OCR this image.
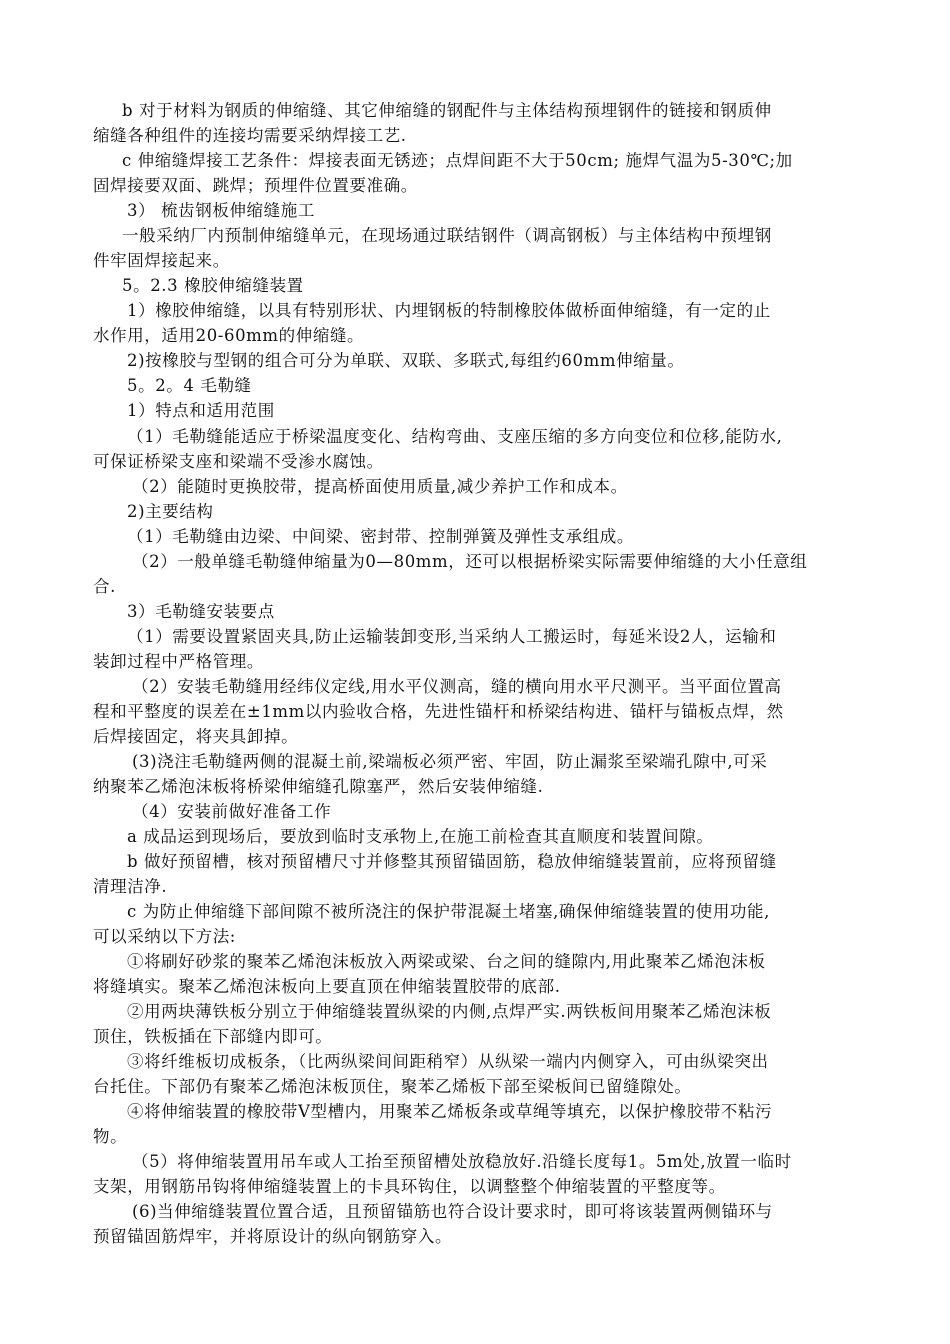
b 对于材料为钢质的伸缩缝、其它伸缩缝的钢配件与主体结构预埋钢件的链接和钢质伸
缩缝各种组件的连接均需要采纳焊接工艺.
c 伸缩缝焊接工艺条件：焊接表面无锈迹；点焊间距不大于50cm; 施焊气温为5-30℃;加
固焊接要双面、跳焊；预埋件位置要准确。
3） 梳齿钢板伸缩缝施工
一般采纳厂内预制伸缩缝单元，在现场通过联结钢件（调高钢板）与主体结构中预埋钢
件牢固焊接起来。
5。2.3 橡胶伸缩缝装置
1）橡胶伸缩缝，以具有特别形状、内埋钢板的特制橡胶体做桥面伸缩缝，有一定的止
水作用，适用20-60mm的伸缩缝。
2)按橡胶与型钢的组合可分为单联、双联、多联式,每组约60mm伸缩量。
5。2。4 毛勒缝
1）特点和适用范围
（1）毛勒缝能适应于桥梁温度变化、结构弯曲、支座压缩的多方向变位和位移,能防水,
可保证桥梁支座和梁端不受渗水腐蚀。
（2）能随时更换胶带，提高桥面使用质量,减少养护工作和成本。
2)主要结构
（1）毛勒缝由边梁、中间梁、密封带、控制弹簧及弹性支承组成。
（2）一般单缝毛勒缝伸缩量为0—80mm，还可以根据桥梁实际需要伸缩缝的大小任意组
合.
3）毛勒缝安装要点
（1）需要设置紧固夹具,防止运输装卸变形,当采纳人工搬运时，每延米设2人，运输和
装卸过程中严格管理。
（2）安装毛勒缝用经纬仪定线,用水平仪测高，缝的横向用水平尺测平。当平面位置高
程和平整度的误差在±1mm以内验收合格，先进性锚杆和桥梁结构进、锚杆与锚板点焊，然
后焊接固定，将夹具卸掉。
(3)浇注毛勒缝两侧的混凝土前,梁端板必须严密、牢固，防止漏浆至梁端孔隙中,可采
纳聚苯乙烯泡沫板将桥梁伸缩缝孔隙塞严，然后安装伸缩缝.
（4）安装前做好准备工作
a 成品运到现场后，要放到临时支承物上,在施工前检查其直顺度和装置间隙。
b 做好预留槽，核对预留槽尺寸并修整其预留锚固筋，稳放伸缩缝装置前，应将预留缝
清理洁净.
c 为防止伸缩缝下部间隙不被所浇注的保护带混凝土堵塞,确保伸缩缝装置的使用功能,
可以采纳以下方法:
①将刷好砂浆的聚苯乙烯泡沫板放入两梁或梁、台之间的缝隙内,用此聚苯乙烯泡沫板
将缝填实。聚苯乙烯泡沫板向上要直顶在伸缩装置胶带的底部.
②用两块薄铁板分别立于伸缩缝装置纵梁的内侧,点焊严实.两铁板间用聚苯乙烯泡沫板
顶住，铁板插在下部缝内即可。
③将纤维板切成板条，（比两纵梁间间距稍窄）从纵梁一端内内侧穿入，可由纵梁突出
台托住。下部仍有聚苯乙烯泡沫板顶住，聚苯乙烯板下部至梁板间已留缝隙处。
④将伸缩装置的橡胶带V型槽内，用聚苯乙烯板条或草绳等填充，以保护橡胶带不粘污
物。
（5）将伸缩装置用吊车或人工抬至预留槽处放稳放好.沿缝长度每1。5m处,放置一临时
支架，用钢筋吊钩将伸缩缝装置上的卡具环钩住，以调整整个伸缩装置的平整度等。
(6)当伸缩缝装置位置合适，且预留锚筋也符合设计要求时，即可将该装置两侧锚环与
预留锚固筋焊牢，并将原设计的纵向钢筋穿入。
